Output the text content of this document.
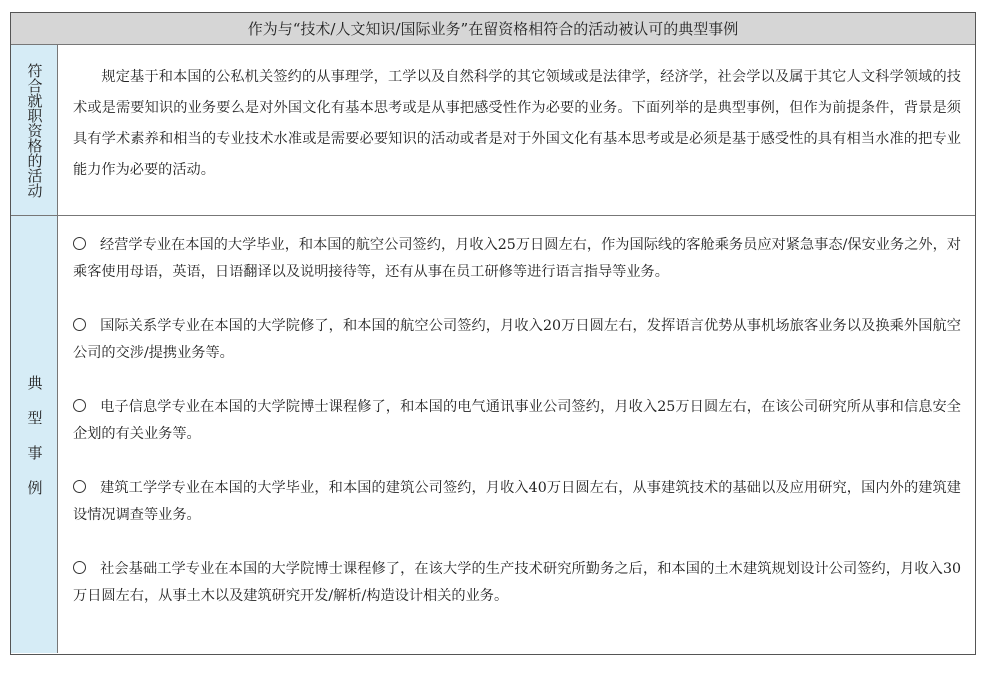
作为与“技术/人文知识/国际业务”在留资格相符合的活动被认可的典型事例
符合就职资格的活动	规定基于和本国的公私机关签约的从事理学，工学以及自然科学的其它领域或是法律学，经济学，社会学以及属于其它人文科学领域的技术或是需要知识的业务要么是对外国文化有基本思考或是从事把感受性作为必要的业务。下面列举的是典型事例，但作为前提条件，背景是须具有学术素养和相当的专业技术水准或是需要必要知识的活动或者是对于外国文化有基本思考或是必须是基于感受性的具有相当水准的把专业能力作为必要的活动。

典型事例

经营学专业在本国的大学毕业，和本国的航空公司签约，月收入25万日圆左右，作为国际线的客舱乘务员应对紧急事态/保安业务之外，对乘客使用母语，英语，日语翻译以及说明接待等，还有从事在员工研修等进行语言指导等业务。

国际关系学专业在本国的大学院修了，和本国的航空公司签约，月收入20万日圆左右，发挥语言优势从事机场旅客业务以及换乘外国航空公司的交涉/提携业务等。

电子信息学专业在本国的大学院博士课程修了，和本国的电气通讯事业公司签约，月收入25万日圆左右，在该公司研究所从事和信息安全企划的有关业务等。

建筑工学学专业在本国的大学毕业，和本国的建筑公司签约，月收入40万日圆左右，从事建筑技术的基础以及应用研究，国内外的建筑建设情况调查等业务。

社会基础工学专业在本国的大学院博士课程修了，在该大学的生产技术研究所勤务之后，和本国的土木建筑规划设计公司签约，月收入30万日圆左右，从事土木以及建筑研究开发/解析/构造设计相关的业务。
